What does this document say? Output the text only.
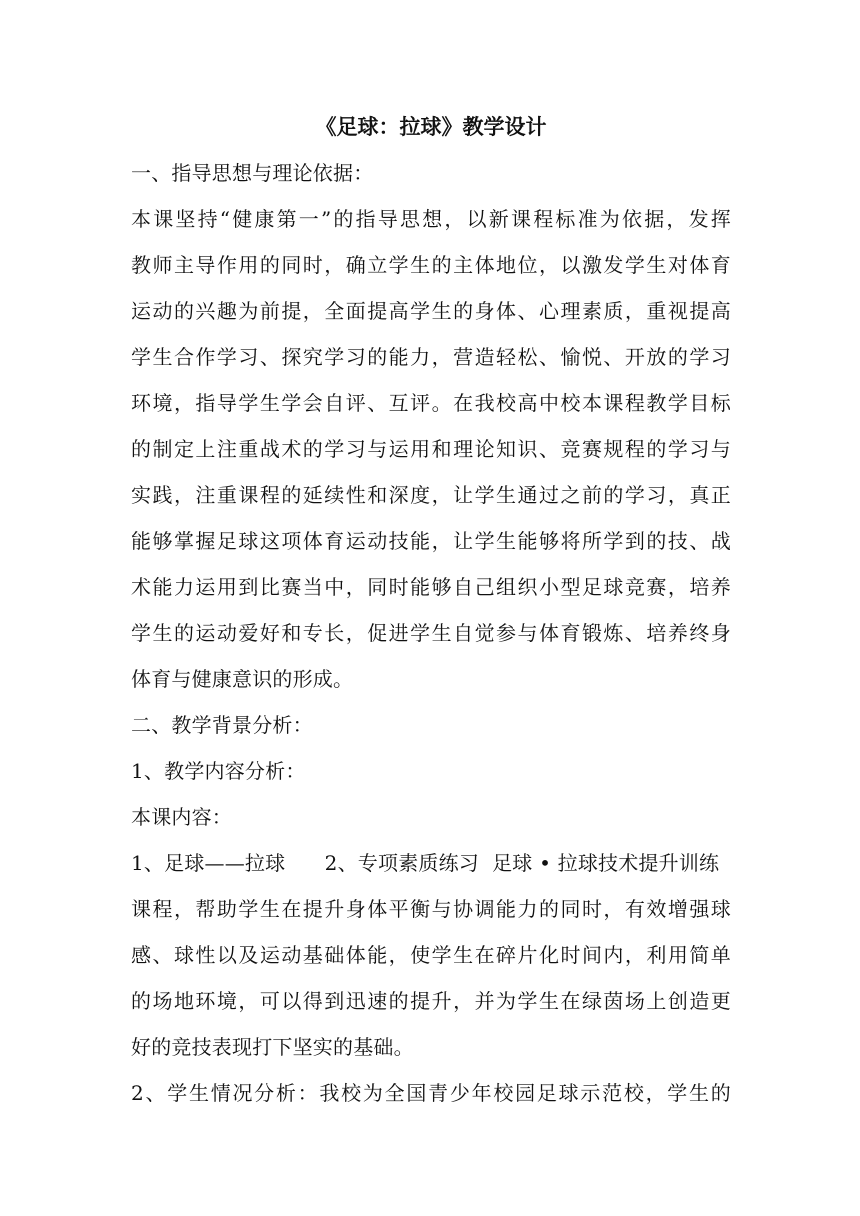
《足球：拉球》教学设计

一、指导思想与理论依据：

本课坚持“健康第一”的指导思想，以新课程标准为依据，发挥

教师主导作用的同时，确立学生的主体地位，以激发学生对体育

运动的兴趣为前提，全面提高学生的身体、心理素质，重视提高

学生合作学习、探究学习的能力，营造轻松、愉悦、开放的学习

环境，指导学生学会自评、互评。在我校高中校本课程教学目标

的制定上注重战术的学习与运用和理论知识、竞赛规程的学习与

实践，注重课程的延续性和深度，让学生通过之前的学习，真正

能够掌握足球这项体育运动技能，让学生能够将所学到的技、战

术能力运用到比赛当中，同时能够自己组织小型足球竞赛，培养

学生的运动爱好和专长，促进学生自觉参与体育锻炼、培养终身

体育与健康意识的形成。

二、教学背景分析：

1、教学内容分析：

本课内容：

1、足球——拉球      2、专项素质练习  足球 • 拉球技术提升训练

课程，帮助学生在提升身体平衡与协调能力的同时，有效增强球

感、球性以及运动基础体能，使学生在碎片化时间内，利用简单

的场地环境，可以得到迅速的提升，并为学生在绿茵场上创造更

好的竞技表现打下坚实的基础。

2、学生情况分析：我校为全国青少年校园足球示范校，学生的
